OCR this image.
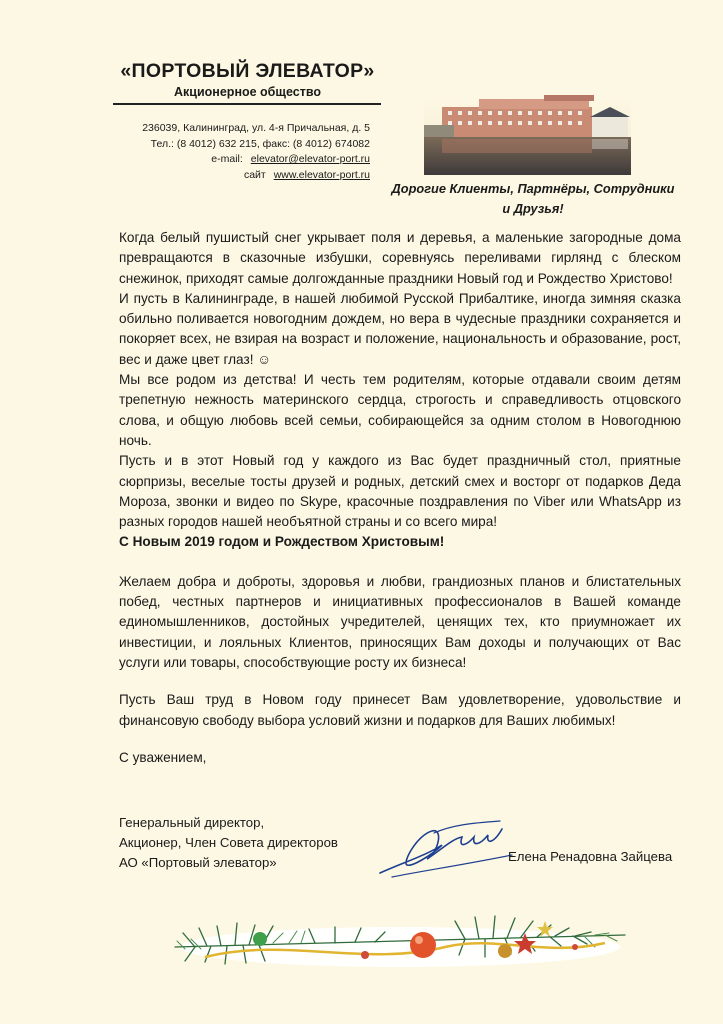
«ПОРТОВЫЙ ЭЛЕВАТОР»
Акционерное общество
236039, Калининград, ул. 4-я Причальная, д. 5
Тел.: (8 4012) 632 215, факс: (8 4012) 674082
e-mail: elevator@elevator-port.ru
сайт www.elevator-port.ru
Дорогие Клиенты, Партнёры, Сотрудники
и Друзья!

Когда белый пушистый снег укрывает поля и деревья, а маленькие загородные дома превращаются в сказочные избушки, соревнуясь переливами гирлянд с блеском снежинок, приходят самые долгожданные праздники Новый год и Рождество Христово!

И пусть в Калининграде, в нашей любимой Русской Прибалтике, иногда зимняя сказка обильно поливается новогодним дождем, но вера в чудесные праздники сохраняется и покоряет всех, не взирая на возраст и положение, национальность и образование, рост, вес и даже цвет глаз! ☺

Мы все родом из детства! И честь тем родителям, которые отдавали своим детям трепетную нежность материнского сердца, строгость и справедливость отцовского слова, и общую любовь всей семьи, собирающейся за одним столом в Новогоднюю ночь.

Пусть и в этот Новый год у каждого из Вас будет праздничный стол, приятные сюрпризы, веселые тосты друзей и родных, детский смех и восторг от подарков Деда Мороза, звонки и видео по Skype, красочные поздравления по Viber или WhatsApp из разных городов нашей необъятной страны и со всего мира!

С Новым 2019 годом и Рождеством Христовым!

Желаем добра и доброты, здоровья и любви, грандиозных планов и блистательных побед, честных партнеров и инициативных профессионалов в Вашей команде единомышленников, достойных учредителей, ценящих тех, кто приумножает их инвестиции, и лояльных Клиентов, приносящих Вам доходы и получающих от Вас услуги или товары, способствующие росту их бизнеса!

Пусть Ваш труд в Новом году принесет Вам удовлетворение, удовольствие и финансовую свободу выбора условий жизни и подарков для Ваших любимых!

С уважением,

Генеральный директор,
Акционер, Член Совета директоров
АО «Портовый элеватор»	Елена Ренадовна Зайцева
